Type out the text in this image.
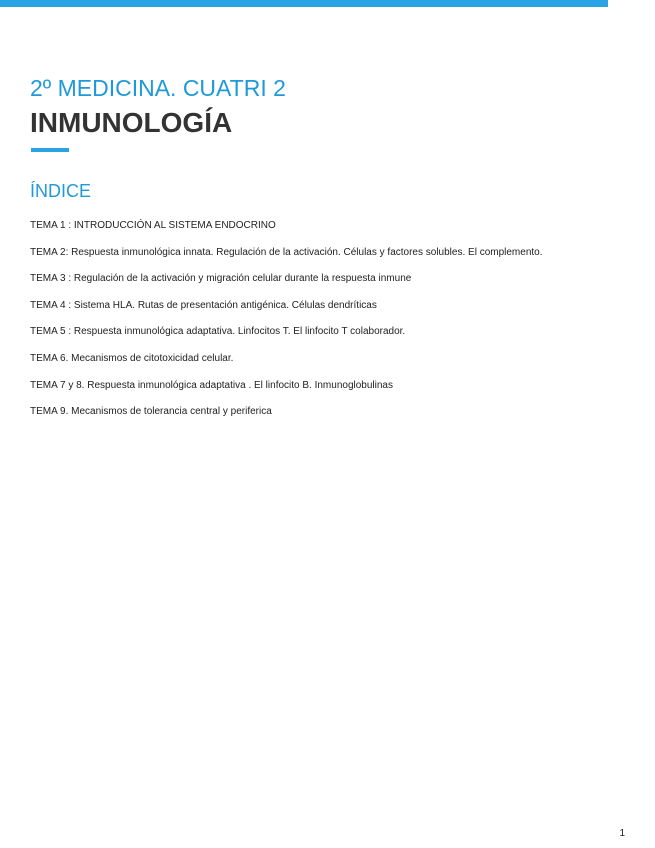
2º MEDICINA. CUATRI 2
INMUNOLOGÍA
ÍNDICE
TEMA 1 : INTRODUCCIÓN AL SISTEMA ENDOCRINO
TEMA 2: Respuesta inmunológica innata. Regulación de la activación. Células y factores solubles. El complemento.
TEMA 3 : Regulación de la activación y migración celular durante la respuesta inmune
TEMA 4 : Sistema HLA. Rutas de presentación antigénica. Células dendríticas
TEMA 5 : Respuesta inmunológica adaptativa. Linfocitos T. El linfocito T colaborador.
TEMA 6. Mecanismos de citotoxicidad celular.
TEMA 7 y 8. Respuesta inmunológica adaptativa . El linfocito B. Inmunoglobulinas
TEMA 9. Mecanismos de tolerancia central y periferica
1
